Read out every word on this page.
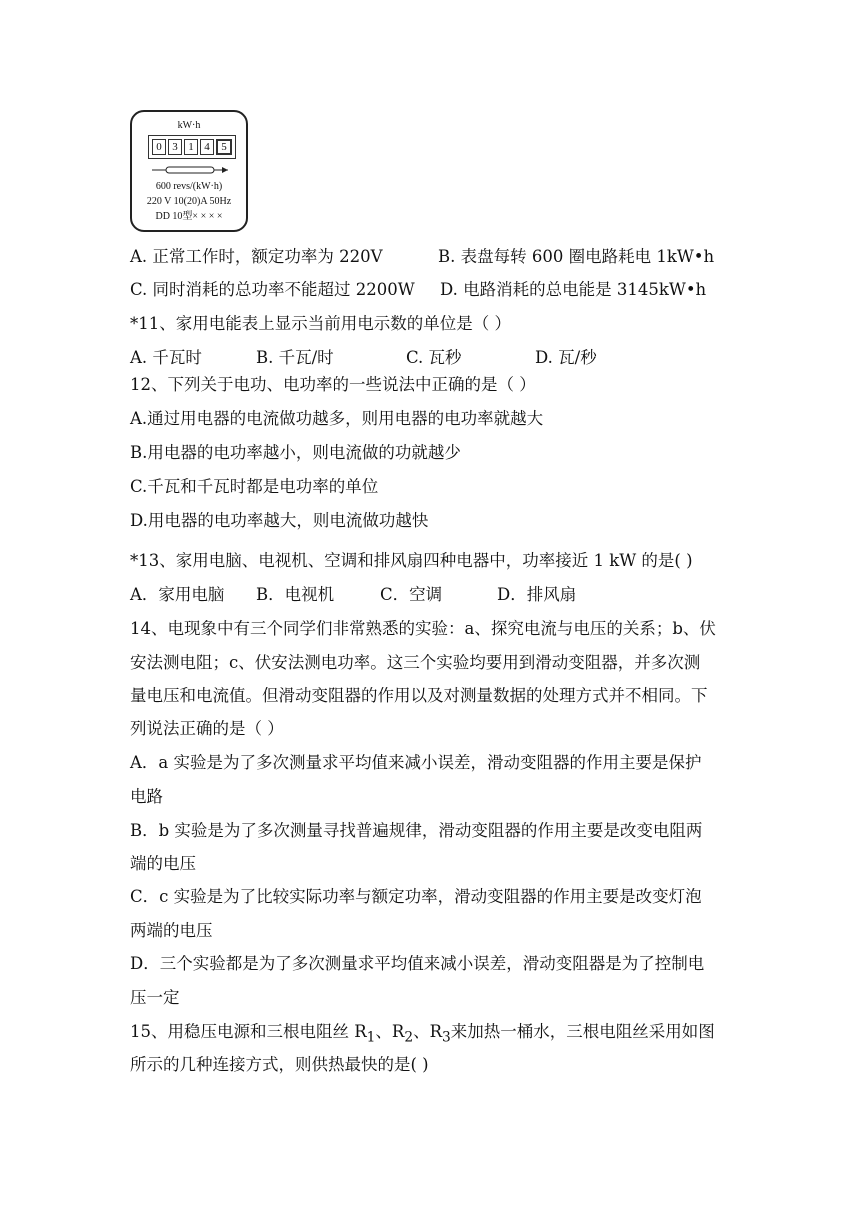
kW·h
0 3 1 4	5
600 revs/(kW·h)
220 V 10(20)A 50Hz
DD 10型× × × ×
A. 正常工作时，额定功率为 220V	B. 表盘每转 600 圈电路耗电 1kW•h
C. 同时消耗的总功率不能超过 2200W D. 电路消耗的总电能是 3145kW•h
*11、家用电能表上显示当前用电示数的单位是（ ）
A. 千瓦时	B. 千瓦/时	C. 瓦秒	D. 瓦/秒
12、下列关于电功、电功率的一些说法中正确的是（ ）
A.通过用电器的电流做功越多，则用电器的电功率就越大
B.用电器的电功率越小，则电流做的功就越少
C.千瓦和千瓦时都是电功率的单位
D.用电器的电功率越大，则电流做功越快
*13、家用电脑、电视机、空调和排风扇四种电器中，功率接近 1 kW 的是( )
A．家用电脑 B．电视机	C．空调	D．排风扇
14、电现象中有三个同学们非常熟悉的实验：a、探究电流与电压的关系；b、伏
安法测电阻；c、伏安法测电功率。这三个实验均要用到滑动变阻器，并多次测
量电压和电流值。但滑动变阻器的作用以及对测量数据的处理方式并不相同。下
列说法正确的是（ ）
A．a 实验是为了多次测量求平均值来减小误差，滑动变阻器的作用主要是保护
电路
B．b 实验是为了多次测量寻找普遍规律，滑动变阻器的作用主要是改变电阻两
端的电压
C．c 实验是为了比较实际功率与额定功率，滑动变阻器的作用主要是改变灯泡
两端的电压
D．三个实验都是为了多次测量求平均值来减小误差，滑动变阻器是为了控制电
压一定
15、用稳压电源和三根电阻丝 $R_1$、$R_2$、$R_3$来加热一桶水，三根电阻丝采用如图
所示的几种连接方式，则供热最快的是( )
